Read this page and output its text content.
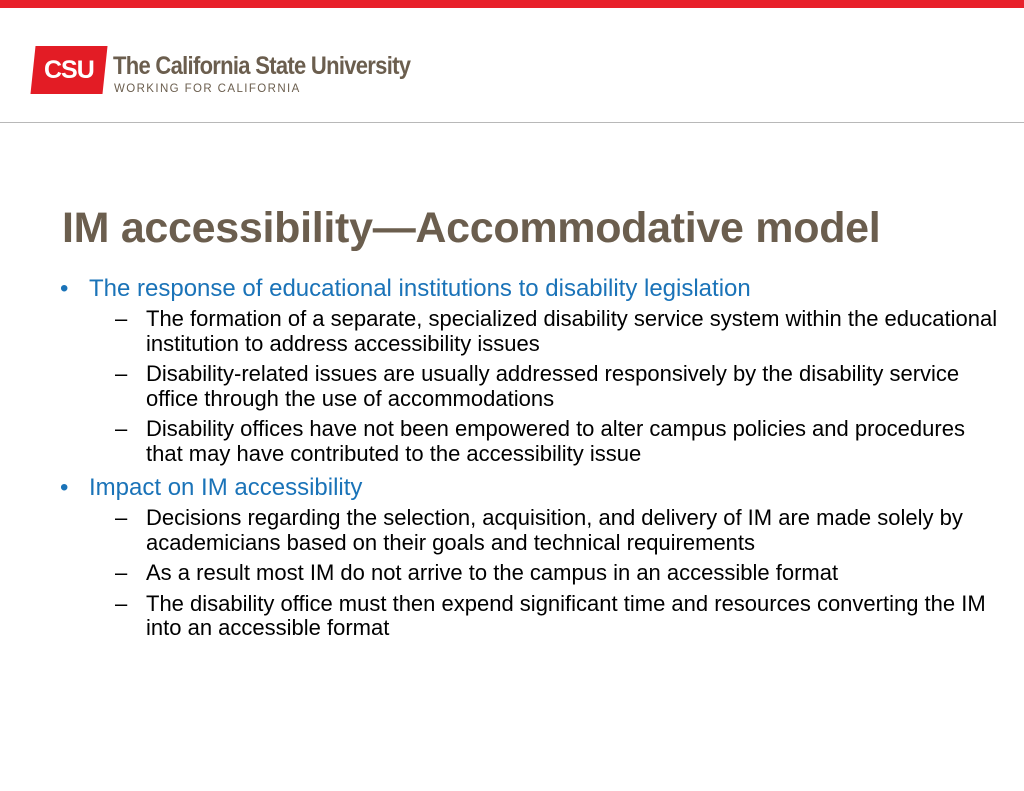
CSU The California State University
WORKING FOR CALIFORNIA
IM accessibility—Accommodative model
• The response of educational institutions to disability legislation
– The formation of a separate, specialized disability service system within the educational institution to address accessibility issues
– Disability-related issues are usually addressed responsively by the disability service office through the use of accommodations
– Disability offices have not been empowered to alter campus policies and procedures that may have contributed to the accessibility issue
• Impact on IM accessibility
– Decisions regarding the selection, acquisition, and delivery of IM are made solely by academicians based on their goals and technical requirements
– As a result most IM do not arrive to the campus in an accessible format
– The disability office must then expend significant time and resources converting the IM into an accessible format
